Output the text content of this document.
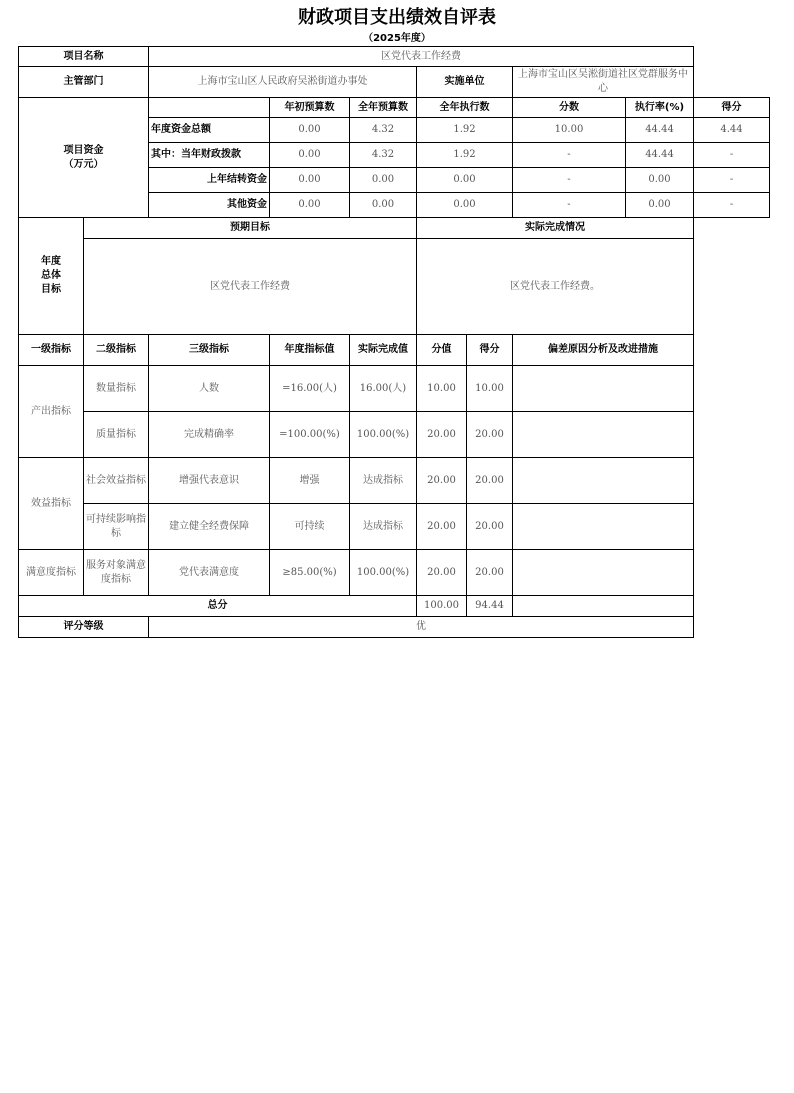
财政项目支出绩效自评表
（2025年度）
项目名称		区党代表工作经费							
主管部门		上海市宝山区人民政府吴淞街道办事处			实施单位		上海市宝山区吴淞街道社区党群服务中心		
项目资金（万元）			年初预算数	全年预算数	全年执行数		分数	执行率(%)	得分
		年度资金总额	0.00	4.32	1.92		10.00	44.44	4.44
		其中：当年财政拨款	0.00	4.32	1.92		-	44.44	-
		上年结转资金	0.00	0.00	0.00		-	0.00	-
		其他资金	0.00	0.00	0.00		-	0.00	-
年度总体目标	预期目标				实际完成情况				
	区党代表工作经费				区党代表工作经费。				
一级指标	二级指标	三级指标	年度指标值	实际完成值	分值	得分	偏差原因分析及改进措施		
产出指标	数量指标	人数	=16.00(人)	16.00(人)	10.00	10.00			
	质量指标	完成精确率	=100.00(%)	100.00(%)	20.00	20.00			
效益指标	社会效益指标	增强代表意识	增强	达成指标	20.00	20.00			
	可持续影响指标	建立健全经费保障	可持续	达成指标	20.00	20.00			
满意度指标	服务对象满意度指标	党代表满意度	≥85.00(%)	100.00(%)	20.00	20.00			
总分					100.00	94.44			
评分等级		优							
